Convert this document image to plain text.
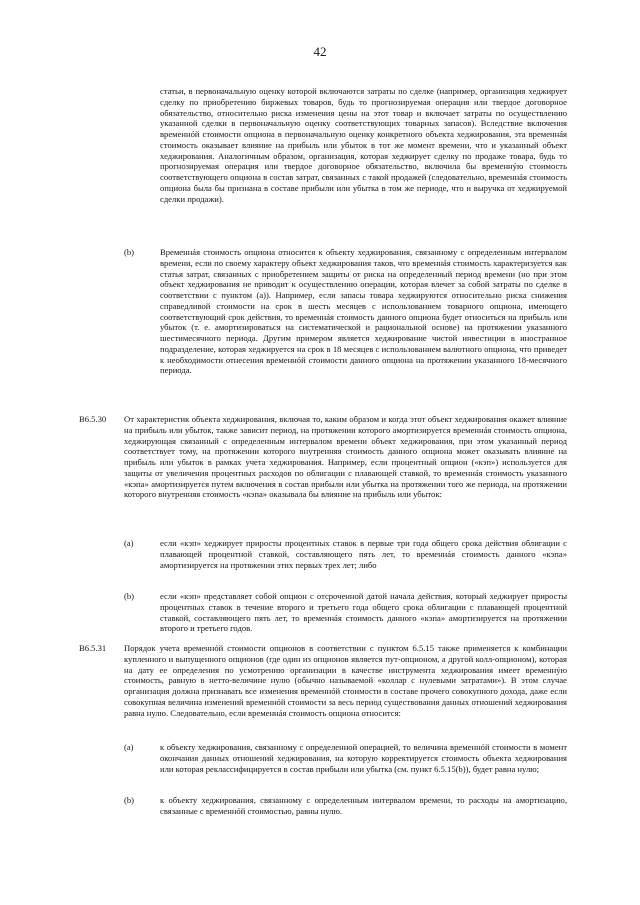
42

статьи, в первоначальную оценку которой включаются затраты по сделке (например, организация хеджирует сделку по приобретению биржевых товаров, будь то прогнозируемая операция или твердое договорное обязательство, относительно риска изменения цены на этот товар и включает затраты по осуществлению указанной сделки в первоначальную оценку соответствующих товарных запасов). Вследствие включения временнóй стоимости опциона в первоначальную оценку конкретного объекта хеджирования, эта временнáя стоимость оказывает влияние на прибыль или убыток в тот же момент времени, что и указанный объект хеджирования. Аналогичным образом, организация, которая хеджирует сделку по продаже товара, будь то прогнозируемая операция или твердое договорное обязательство, включила бы временнýю стоимость соответствующего опциона в состав затрат, связанных с такой продажей (следовательно, временнáя стоимость опциона была бы признана в составе прибыли или убытка в том же периоде, что и выручка от хеджируемой сделки продажи).

(b)	Временнáя стоимость опциона относится к объекту хеджирования, связанному с определенным интервалом времени, если по своему характеру объект хеджирования таков, что временнáя стоимость характеризуется как статья затрат, связанных с приобретением защиты от риска на определенный период времени (но при этом объект хеджирования не приводит к осуществлению операции, которая влечет за собой затраты по сделке в соответствии с пунктом (a)). Например, если запасы товара хеджируются относительно риска снижения справедливой стоимости на срок в шесть месяцев с использованием товарного опциона, имеющего соответствующий срок действия, то временнáя стоимость данного опциона будет относиться на прибыль или убыток (т. е. амортизироваться на систематической и рациональной основе) на протяжении указанного шестимесячного периода. Другим примером является хеджирование чистой инвестиции в иностранное подразделение, которая хеджируется на срок в 18 месяцев с использованием валютного опциона, что приведет к необходимости отнесения временнóй стоимости данного опциона на протяжении указанного 18-месячного периода.

B6.5.30 От характеристик объекта хеджирования, включая то, каким образом и когда этот объект хеджирования окажет влияние на прибыль или убыток, также зависит период, на протяжении которого амортизируется временнáя стоимость опциона, хеджирующая связанный с определенным интервалом времени объект хеджирования, при этом указанный период соответствует тому, на протяжении которого внутренняя стоимость данного опциона может оказывать влияние на прибыль или убыток в рамках учета хеджирования. Например, если процентный опцион («кэп») используется для защиты от увеличения процентных расходов по облигации с плавающей ставкой, то временнáя стоимость указанного «кэпа» амортизируется путем включения в состав прибыли или убытка на протяжении того же периода, на протяжении которого внутренняя стоимость «кэпа» оказывала бы влияние на прибыль или убыток:

(a)	если «кэп» хеджирует приросты процентных ставок в первые три года общего срока действия облигации с плавающей процентной ставкой, составляющего пять лет, то временнáя стоимость данного «кэпа» амортизируется на протяжении этих первых трех лет; либо

(b)	если «кэп» представляет собой опцион с отсроченной датой начала действия, который хеджирует приросты процентных ставок в течение второго и третьего года общего срока облигации с плавающей процентной ставкой, составляющего пять лет, то временнáя стоимость данного «кэпа» амортизируется на протяжении второго и третьего годов.

B6.5.31 Порядок учета временнóй стоимости опционов в соответствии с пунктом 6.5.15 также применяется к комбинации купленного и выпущенного опционов (где один из опционов является пут-опционом, а другой колл-опционом), которая на дату ее определения по усмотрению организации в качестве инструмента хеджирования имеет временнýю стоимость, равную в нетто-величине нулю (обычно называемой «коллар с нулевыми затратами»). В этом случае организация должна признавать все изменения временнóй стоимости в составе прочего совокупного дохода, даже если совокупная величина изменений временнóй стоимости за весь период существования данных отношений хеджирования равна нулю. Следовательно, если временнáя стоимость опциона относится:

(a)	к объекту хеджирования, связанному с определенной операцией, то величина временнóй стоимости в момент окончания данных отношений хеджирования, на которую корректируется стоимость объекта хеджирования или которая реклассифицируется в состав прибыли или убытка (см. пункт 6.5.15(b)), будет равна нулю;

(b)	к объекту хеджирования, связанному с определенным интервалом времени, то расходы на амортизацию, связанные с временнóй стоимостью, равны нулю.
